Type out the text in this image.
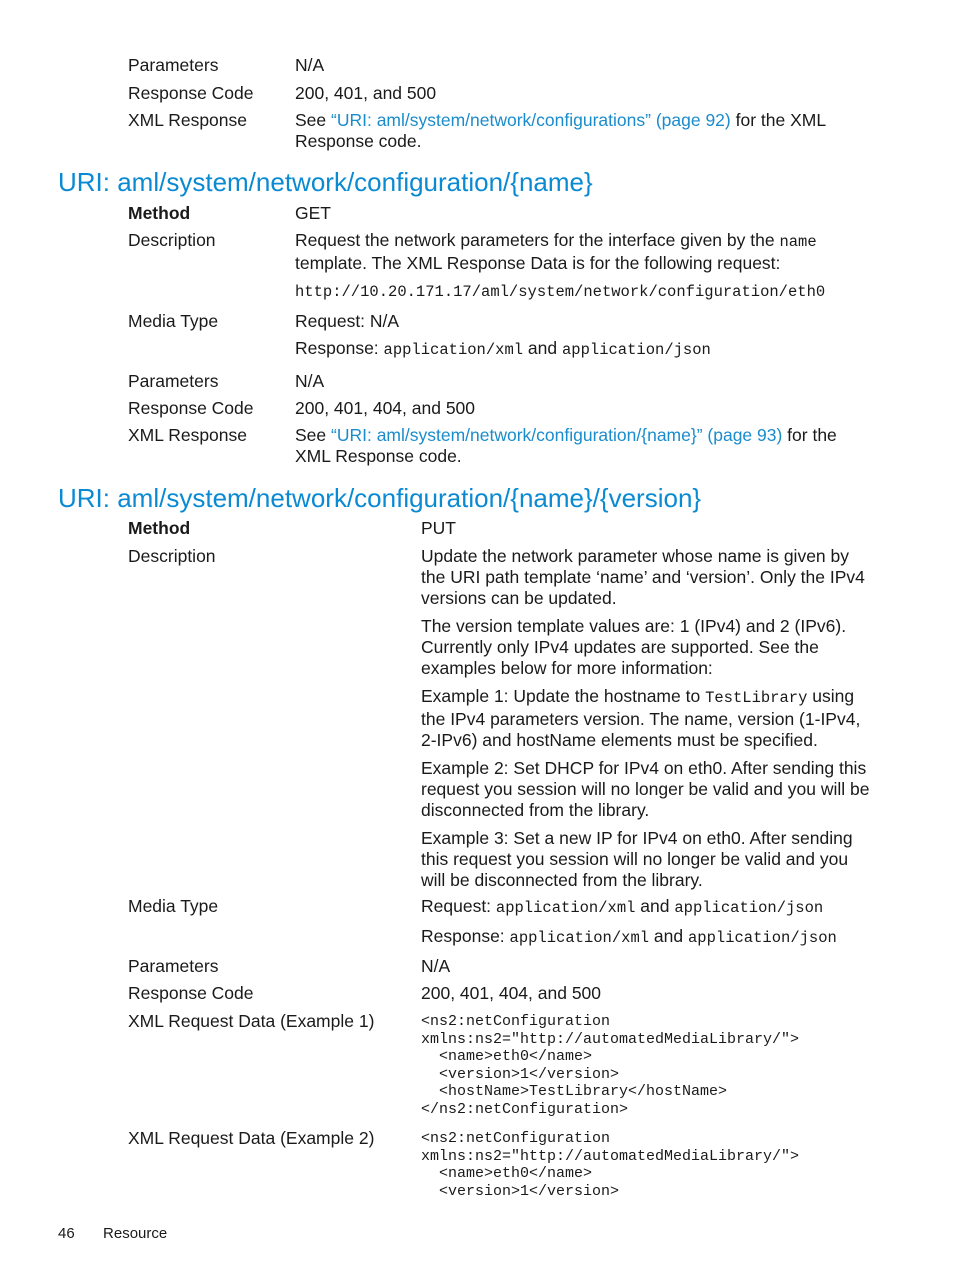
Parameters	N/A
Response Code 200, 401, and 500
XML Response	See “URI: aml/system/network/configurations” (page 92) for the XML Response code.
URI: aml/system/network/configuration/{name}
Method	GET
Description	Request the network parameters for the interface given by the name template. The XML Response Data is for the following request:
http://10.20.171.17/aml/system/network/configuration/eth0
Media Type	Request: N/A
Response: application/xml and application/json
Parameters	N/A
Response Code 200, 401, 404, and 500
XML Response	See “URI: aml/system/network/configuration/{name}” (page 93) for the XML Response code.
URI: aml/system/network/configuration/{name}/{version}
Method	PUT
Description	Update the network parameter whose name is given by the URI path template ‘name’ and ‘version’. Only the IPv4 versions can be updated.
The version template values are: 1 (IPv4) and 2 (IPv6). Currently only IPv4 updates are supported. See the examples below for more information:
Example 1: Update the hostname to TestLibrary using the IPv4 parameters version. The name, version (1-IPv4, 2-IPv6) and hostName elements must be specified.
Example 2: Set DHCP for IPv4 on eth0. After sending this request you session will no longer be valid and you will be disconnected from the library.
Example 3: Set a new IP for IPv4 on eth0. After sending this request you session will no longer be valid and you will be disconnected from the library.
Media Type	Request: application/xml and application/json
Response: application/xml and application/json
Parameters	N/A
Response Code	200, 401, 404, and 500
XML Request Data (Example 1)	<ns2:netConfiguration
xmlns:ns2="http://automatedMediaLibrary/">
<name>eth0</name>
<version>1</version>
<hostName>TestLibrary</hostName>
</ns2:netConfiguration>
XML Request Data (Example 2)	<ns2:netConfiguration
xmlns:ns2="http://automatedMediaLibrary/">
<name>eth0</name>
<version>1</version>
46 Resource
